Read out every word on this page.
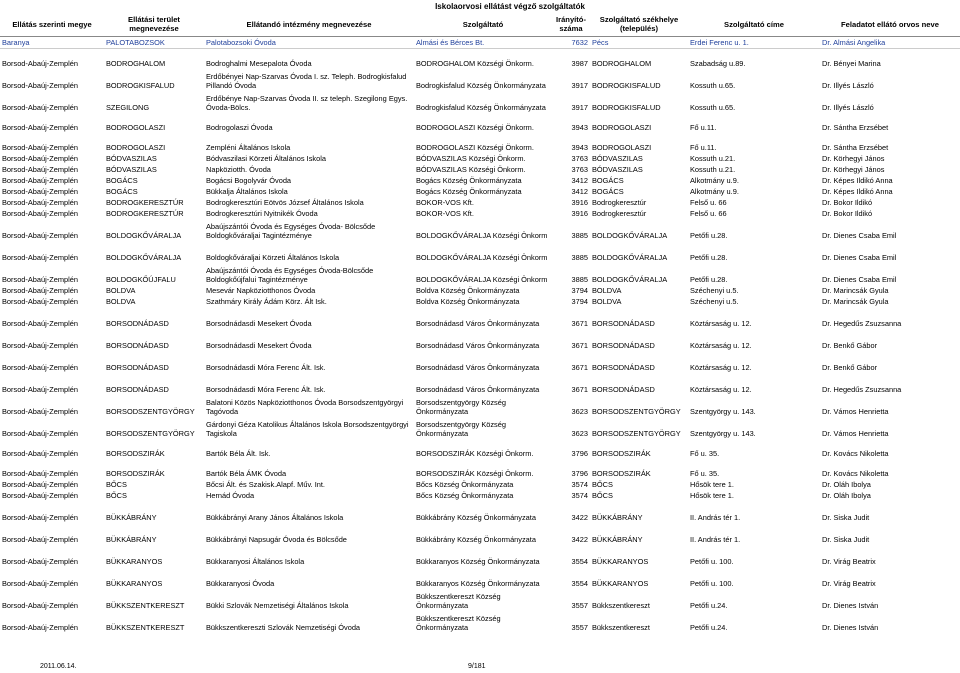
Iskolaorvosi ellátást végző szolgáltatók
Ellátás szerinti megye	Ellátási terület megnevezése	Ellátandó intézmény megnevezése	Szolgáltató	Irányító-száma	Szolgáltató székhelye (település)	Szolgáltató címe	Feladatot ellátó orvos neve
Baranya	PALOTABOZSOK	Palotabozsoki Óvoda	Almási és Bérces Bt.	7632	Pécs	Erdei Ferenc u. 1.	Dr. Almási Angelika
Borsod-Abaúj-Zemplén	BODROGHALOM	Bodroghalmi Mesepalota Óvoda	BODROGHALOM Községi Önkorm.	3987	BODROGHALOM	Szabadság u.89.	Dr. Bényei Marina
Borsod-Abaúj-Zemplén	BODROGKISFALUD	Erdőbényei Nap-Szarvas Óvoda I. sz. Teleph. Bodrogkisfalud Pillandó Óvoda	Bodrogkisfalud Község Önkormányzata	3917	BODROGKISFALUD	Kossuth u.65.	Dr. Illyés László
Borsod-Abaúj-Zemplén	SZEGILONG	Erdőbénye Nap-Szarvas Óvoda II. sz teleph. Szegilong Egys. Óvoda-Bölcs.	Bodrogkisfalud Község Önkormányzata	3917	BODROGKISFALUD	Kossuth u.65.	Dr. Illyés László
Borsod-Abaúj-Zemplén	BODROGOLASZI	Bodrogolaszi Óvoda	BODROGOLASZI Községi Önkorm.	3943	BODROGOLASZI	Fő u.11.	Dr. Sántha Erzsébet
Borsod-Abaúj-Zemplén	BODROGOLASZI	Zempléni Általános Iskola	BODROGOLASZI Községi Önkorm.	3943	BODROGOLASZI	Fő u.11.	Dr. Sántha Erzsébet
Borsod-Abaúj-Zemplén	BÓDVASZILAS	Bódvaszilasi Körzeti Általános Iskola	BÓDVASZILAS Községi Önkorm.	3763	BÓDVASZILAS	Kossuth u.21.	Dr. Körhegyi János
Borsod-Abaúj-Zemplén	BÓDVASZILAS	Napköziotth. Óvoda	BÓDVASZILAS Községi Önkorm.	3763	BÓDVASZILAS	Kossuth u.21.	Dr. Körhegyi János
Borsod-Abaúj-Zemplén	BOGÁCS	Bogácsi Bogolyvár Óvoda	Bogács Község Önkormányzata	3412	BOGÁCS	Alkotmány u.9.	Dr. Képes Ildikó Anna
Borsod-Abaúj-Zemplén	BOGÁCS	Bükkalja Általános Iskola	Bogács Község Önkormányzata	3412	BOGÁCS	Alkotmány u.9.	Dr. Képes Ildikó Anna
Borsod-Abaúj-Zemplén	BODROGKERESZTÚR	Bodrogkeresztúri Eötvös József Általános Iskola	BOKOR-VOS Kft.	3916	Bodrogkeresztúr	Felső u. 66	Dr. Bokor Ildikó
Borsod-Abaúj-Zemplén	BODROGKERESZTÚR	Bodrogkeresztúri Nyitnikék Óvoda	BOKOR-VOS Kft.	3916	Bodrogkeresztúr	Felső u. 66	Dr. Bokor Ildikó
Borsod-Abaúj-Zemplén	BOLDOGKŐVÁRALJA	Abaújszántói Óvoda és Egységes Óvoda- Bölcsőde Boldogkőváraljai Tagintézménye	BOLDOGKŐVÁRALJA Községi Önkorm	3885	BOLDOGKŐVÁRALJA	Petőfi u.28.	Dr. Dienes Csaba Emil
Borsod-Abaúj-Zemplén	BOLDOGKŐVÁRALJA	Boldogkőváraljai Körzeti Általános Iskola	BOLDOGKŐVÁRALJA Községi Önkorm	3885	BOLDOGKŐVÁRALJA	Petőfi u.28.	Dr. Dienes Csaba Emil
Borsod-Abaúj-Zemplén	BOLDOGKŐÚJFALU	Abaújszántói Óvoda és Egységes Óvoda-Bölcsőde Boldogkőújfalui Tagintézménye	BOLDOGKŐVÁRALJA Községi Önkorm	3885	BOLDOGKŐVÁRALJA	Petőfi u.28.	Dr. Dienes Csaba Emil
Borsod-Abaúj-Zemplén	BOLDVA	Mesevár Napköziotthonos Óvoda	Boldva Község Önkormányzata	3794	BOLDVA	Széchenyi u.5.	Dr. Marincsák Gyula
Borsod-Abaúj-Zemplén	BOLDVA	Szathmáry Király Ádám Körz. Ált Isk.	Boldva Község Önkormányzata	3794	BOLDVA	Széchenyi u.5.	Dr. Marincsák Gyula
Borsod-Abaúj-Zemplén	BORSODNÁDASD	Borsodnádasdi Mesekert Óvoda	Borsodnádasd Város Önkormányzata	3671	BORSODNÁDASD	Köztársaság u. 12.	Dr. Hegedűs Zsuzsanna
Borsod-Abaúj-Zemplén	BORSODNÁDASD	Borsodnádasdi Mesekert Óvoda	Borsodnádasd Város Önkormányzata	3671	BORSODNÁDASD	Köztársaság u. 12.	Dr. Benkő Gábor
Borsod-Abaúj-Zemplén	BORSODNÁDASD	Borsodnádasdi Móra Ferenc Ált. Isk.	Borsodnádasd Város Önkormányzata	3671	BORSODNÁDASD	Köztársaság u. 12.	Dr. Benkő Gábor
Borsod-Abaúj-Zemplén	BORSODNÁDASD	Borsodnádasdi Móra Ferenc Ált. Isk.	Borsodnádasd Város Önkormányzata	3671	BORSODNÁDASD	Köztársaság u. 12.	Dr. Hegedűs Zsuzsanna
Borsod-Abaúj-Zemplén	BORSODSZENTGYÖRGY	Balatoni Közös Napköziotthonos Óvoda Borsodszentgyörgyi Tagóvoda	Borsodszentgyörgy Község Önkormányzata	3623	BORSODSZENTGYÖRGY	Szentgyörgy u. 143.	Dr. Vámos Henrietta
Borsod-Abaúj-Zemplén	BORSODSZENTGYÖRGY	Gárdonyi Géza Katolikus Általános Iskola Borsodszentgyörgyi Tagiskola	Borsodszentgyörgy Község Önkormányzata	3623	BORSODSZENTGYÖRGY	Szentgyörgy u. 143.	Dr. Vámos Henrietta
Borsod-Abaúj-Zemplén	BORSODSZIRÁK	Bartók Béla Ált. Isk.	BORSODSZIRÁK Községi Önkorm.	3796	BORSODSZIRÁK	Fő u. 35.	Dr. Kovács Nikoletta
Borsod-Abaúj-Zemplén	BORSODSZIRÁK	Bartók Béla ÁMK Óvoda	BORSODSZIRÁK Községi Önkorm.	3796	BORSODSZIRÁK	Fő u. 35.	Dr. Kovács Nikoletta
Borsod-Abaúj-Zemplén	BŐCS	Bőcsi Ált. és Szakisk.Alapf. Műv. Int.	Bőcs Község Önkormányzata	3574	BŐCS	Hősök tere 1.	Dr. Oláh Ibolya
Borsod-Abaúj-Zemplén	BŐCS	Hernád Óvoda	Bőcs Község Önkormányzata	3574	BŐCS	Hősök tere 1.	Dr. Oláh Ibolya
Borsod-Abaúj-Zemplén	BÜKKÁBRÁNY	Bükkábrányi Arany János Általános Iskola	Bükkábrány Község Önkormányzata	3422	BÜKKÁBRÁNY	II. András tér 1.	Dr. Siska Judit
Borsod-Abaúj-Zemplén	BÜKKÁBRÁNY	Bükkábrányi Napsugár Óvoda és Bölcsőde	Bükkábrány Község Önkormányzata	3422	BÜKKÁBRÁNY	II. András tér 1.	Dr. Siska Judit
Borsod-Abaúj-Zemplén	BÜKKARANYOS	Bükkaranyosi Általános Iskola	Bükkaranyos Község Önkormányzata	3554	BÜKKARANYOS	Petőfi u. 100.	Dr. Virág Beatrix
Borsod-Abaúj-Zemplén	BÜKKARANYOS	Bükkaranyosi Óvoda	Bükkaranyos Község Önkormányzata	3554	BÜKKARANYOS	Petőfi u. 100.	Dr. Virág Beatrix
Borsod-Abaúj-Zemplén	BÜKKSZENTKERESZT	Bükki Szlovák Nemzetiségi Általános Iskola	Bükkszentkereszt Község Önkormányzata	3557	Bükkszentkereszt	Petőfi u.24.	Dr. Dienes István
Borsod-Abaúj-Zemplén	BÜKKSZENTKERESZT	Bükkszentkereszti Szlovák Nemzetiségi Óvoda	Bükkszentkereszt Község Önkormányzata	3557	Bükkszentkereszt	Petőfi u.24.	Dr. Dienes István
2011.06.14.	9/181
